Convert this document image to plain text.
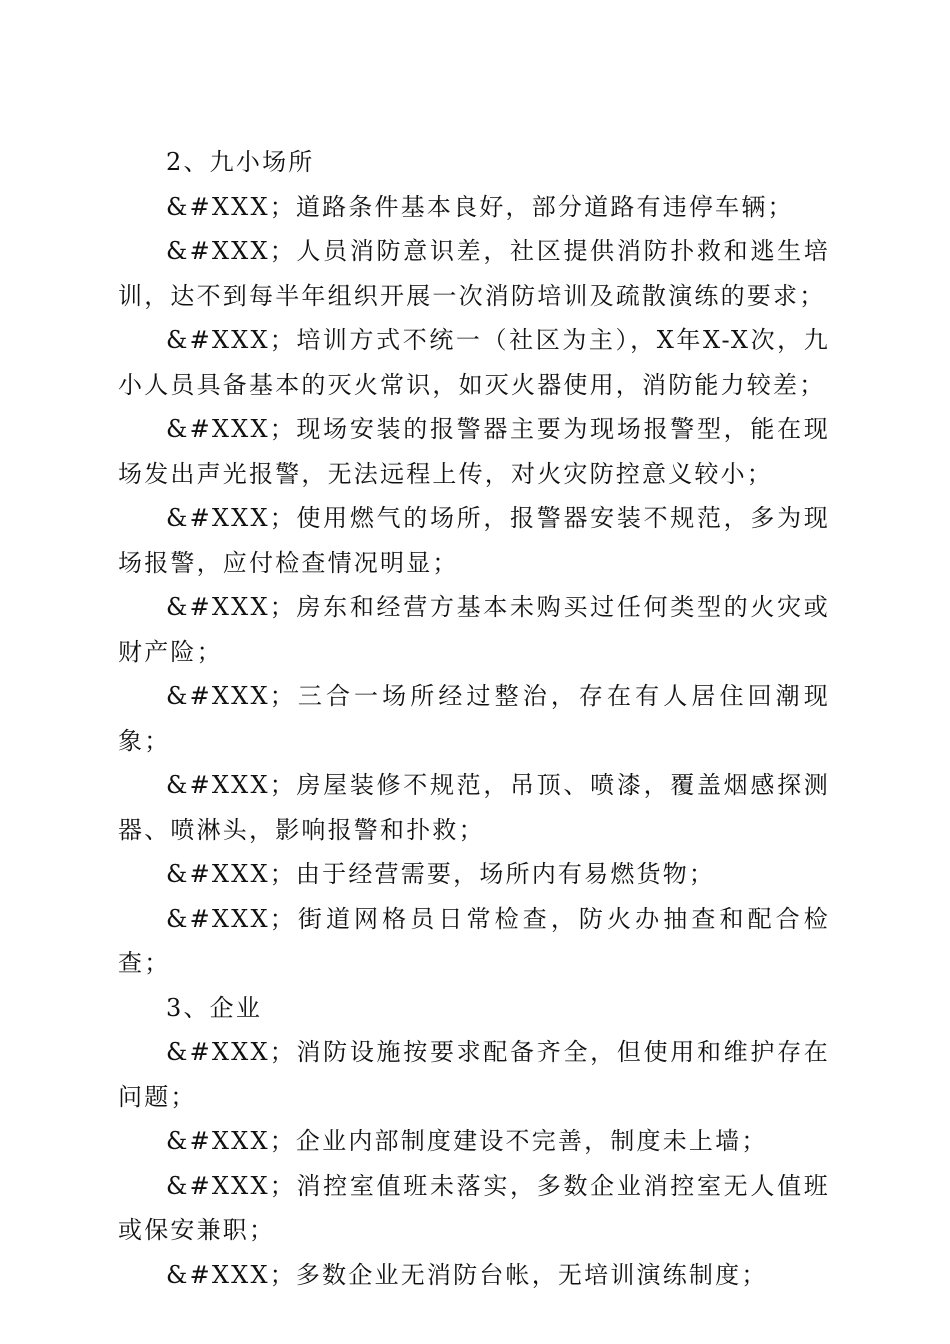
2、九小场所

&#XXX；道路条件基本良好，部分道路有违停车辆；

&#XXX；人员消防意识差，社区提供消防扑救和逃生培训，达不到每半年组织开展一次消防培训及疏散演练的要求；

&#XXX；培训方式不统一（社区为主），X年X-X次，九小人员具备基本的灭火常识，如灭火器使用，消防能力较差；

&#XXX；现场安装的报警器主要为现场报警型，能在现场发出声光报警，无法远程上传，对火灾防控意义较小；

&#XXX；使用燃气的场所，报警器安装不规范，多为现场报警，应付检查情况明显；

&#XXX；房东和经营方基本未购买过任何类型的火灾或财产险；

&#XXX；三合一场所经过整治，存在有人居住回潮现象；

&#XXX；房屋装修不规范，吊顶、喷漆，覆盖烟感探测器、喷淋头，影响报警和扑救；

&#XXX；由于经营需要，场所内有易燃货物；

&#XXX；街道网格员日常检查，防火办抽查和配合检查；

3、企业

&#XXX；消防设施按要求配备齐全，但使用和维护存在问题；

&#XXX；企业内部制度建设不完善，制度未上墙；

&#XXX；消控室值班未落实，多数企业消控室无人值班或保安兼职；

&#XXX；多数企业无消防台帐，无培训演练制度；
